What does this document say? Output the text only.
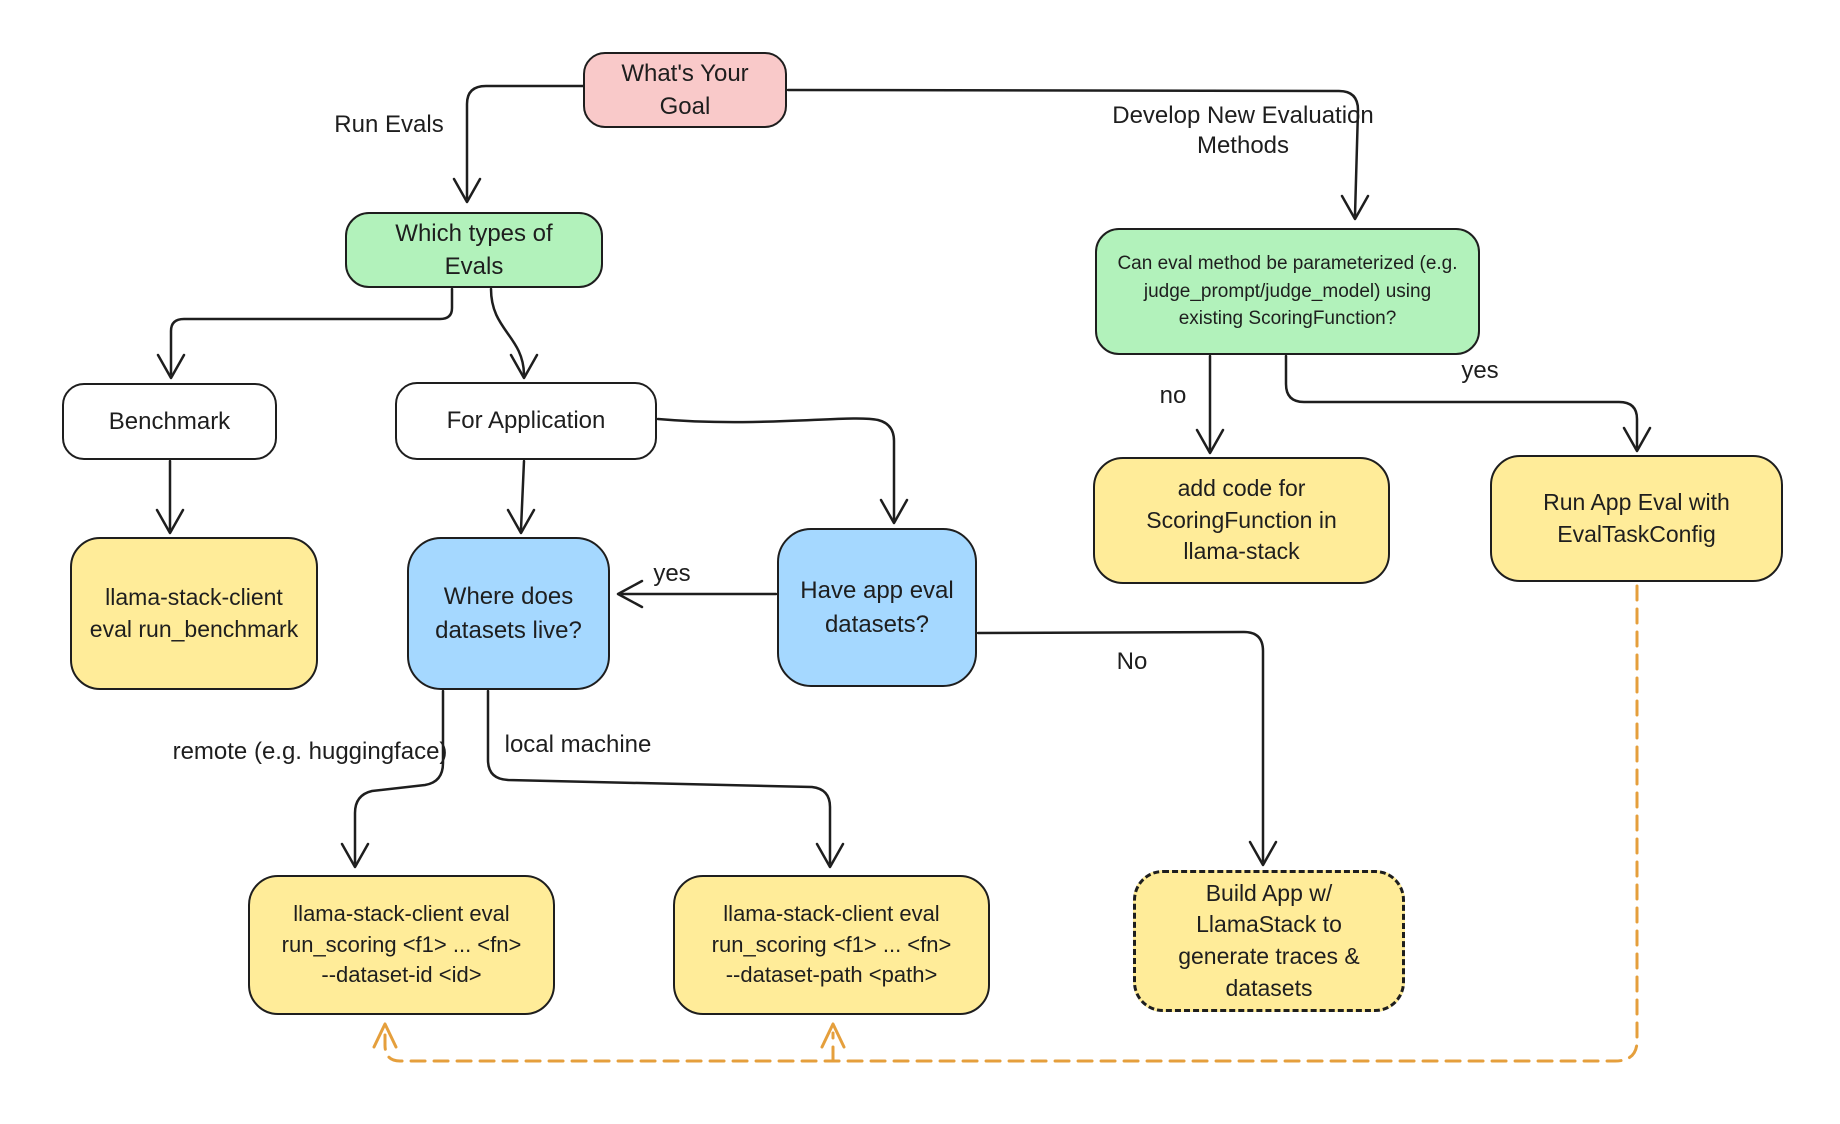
What's Your
Goal
Which types of
Evals	Can eval method be parameterized (e.g.
judge_prompt/judge_model) using
existing ScoringFunction?
Benchmark	For Application
llama-stack-client
eval run_benchmark
Where does
datasets live?
Have app eval
datasets?
add code for
ScoringFunction in
llama-stack
Run App Eval with
EvalTaskConfig
llama-stack-client eval
run_scoring <f1> ... <fn>
--dataset-id <id>
llama-stack-client eval
run_scoring <f1> ... <fn>
--dataset-path <path>
Build App w/
LlamaStack to
generate traces &
datasets
Run Evals	Develop New Evaluation Methods
no
yes
yes
No
remote (e.g. huggingface) local machine
